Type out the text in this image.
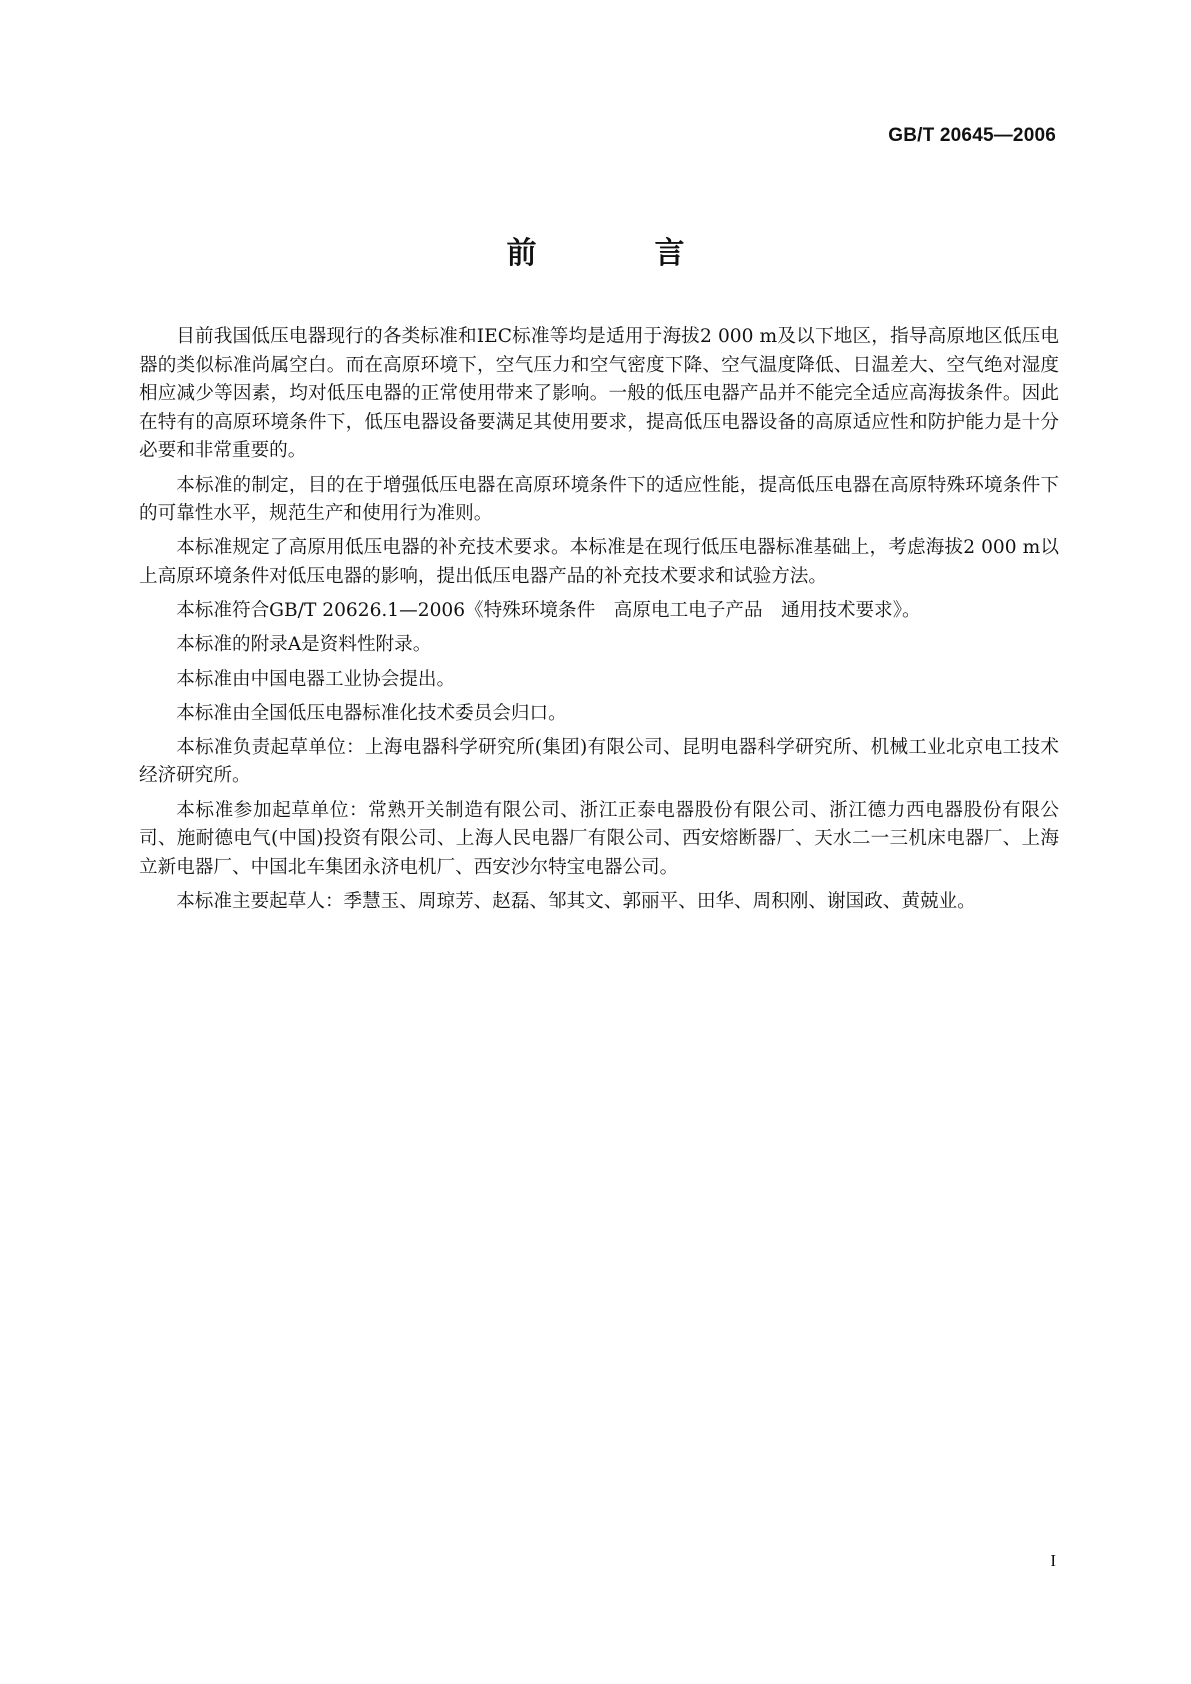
GB/T 20645—2006
前　言

目前我国低压电器现行的各类标准和IEC标准等均是适用于海拔2 000 m及以下地区，指导高原地区低压电器的类似标准尚属空白。而在高原环境下，空气压力和空气密度下降、空气温度降低、日温差大、空气绝对湿度相应减少等因素，均对低压电器的正常使用带来了影响。一般的低压电器产品并不能完全适应高海拔条件。因此在特有的高原环境条件下，低压电器设备要满足其使用要求，提高低压电器设备的高原适应性和防护能力是十分必要和非常重要的。

本标准的制定，目的在于增强低压电器在高原环境条件下的适应性能，提高低压电器在高原特殊环境条件下的可靠性水平，规范生产和使用行为准则。

本标准规定了高原用低压电器的补充技术要求。本标准是在现行低压电器标准基础上，考虑海拔2 000 m以上高原环境条件对低压电器的影响，提出低压电器产品的补充技术要求和试验方法。

本标准符合GB/T 20626.1—2006《特殊环境条件　高原电工电子产品　通用技术要求》。

本标准的附录A是资料性附录。

本标准由中国电器工业协会提出。

本标准由全国低压电器标准化技术委员会归口。

本标准负责起草单位：上海电器科学研究所(集团)有限公司、昆明电器科学研究所、机械工业北京电工技术经济研究所。

本标准参加起草单位：常熟开关制造有限公司、浙江正泰电器股份有限公司、浙江德力西电器股份有限公司、施耐德电气(中国)投资有限公司、上海人民电器厂有限公司、西安熔断器厂、天水二一三机床电器厂、上海立新电器厂、中国北车集团永济电机厂、西安沙尔特宝电器公司。

本标准主要起草人：季慧玉、周琼芳、赵磊、邹其文、郭丽平、田华、周积刚、谢国政、黄兢业。

I
